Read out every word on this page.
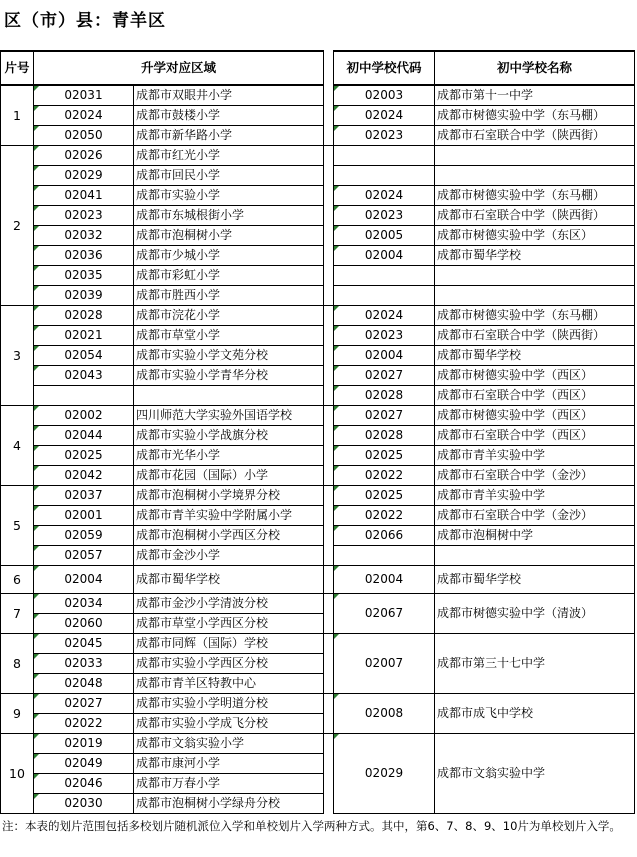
区（市）县：青羊区
片号	升学对应区域			初中学校代码	初中学校名称
1	02031	成都市双眼井小学		02003	成都市第十一中学
	02024	成都市鼓楼小学		02024	成都市树德实验中学（东马棚）
	02050	成都市新华路小学		02023	成都市石室联合中学（陕西街）
2	02026	成都市红光小学			
	02029	成都市回民小学			
	02041	成都市实验小学		02024	成都市树德实验中学（东马棚）
	02023	成都市东城根街小学		02023	成都市石室联合中学（陕西街）
	02032	成都市泡桐树小学		02005	成都市树德实验中学（东区）
	02036	成都市少城小学		02004	成都市蜀华学校
	02035	成都市彩虹小学			
	02039	成都市胜西小学			
3	02028	成都市浣花小学		02024	成都市树德实验中学（东马棚）
	02021	成都市草堂小学		02023	成都市石室联合中学（陕西街）
	02054	成都市实验小学文苑分校		02004	成都市蜀华学校
	02043	成都市实验小学青华分校		02027	成都市树德实验中学（西区）
				02028	成都市石室联合中学（西区）
4	02002	四川师范大学实验外国语学校		02027	成都市树德实验中学（西区）
	02044	成都市实验小学战旗分校		02028	成都市石室联合中学（西区）
	02025	成都市光华小学		02025	成都市青羊实验中学
	02042	成都市花园（国际）小学		02022	成都市石室联合中学（金沙）
5	02037	成都市泡桐树小学境界分校		02025	成都市青羊实验中学
	02001	成都市青羊实验中学附属小学		02022	成都市石室联合中学（金沙）
	02059	成都市泡桐树小学西区分校		02066	成都市泡桐树中学
	02057	成都市金沙小学			
6	02004	成都市蜀华学校		02004	成都市蜀华学校
7	02034	成都市金沙小学清波分校		02067	成都市树德实验中学（清波）
	02060	成都市草堂小学西区分校			
8	02045	成都市同辉（国际）学校		02007	成都市第三十七中学
	02033	成都市实验小学西区分校			
	02048	成都市青羊区特教中心			
9	02027	成都市实验小学明道分校		02008	成都市成飞中学校
	02022	成都市实验小学成飞分校			
10	02019	成都市文翁实验小学		02029	成都市文翁实验中学
	02049	成都市康河小学			
	02046	成都市万春小学			
	02030	成都市泡桐树小学绿舟分校			
注：本表的划片范围包括多校划片随机派位入学和单校划片入学两种方式。其中，第6、7、8、9、10片为单校划片入学。
